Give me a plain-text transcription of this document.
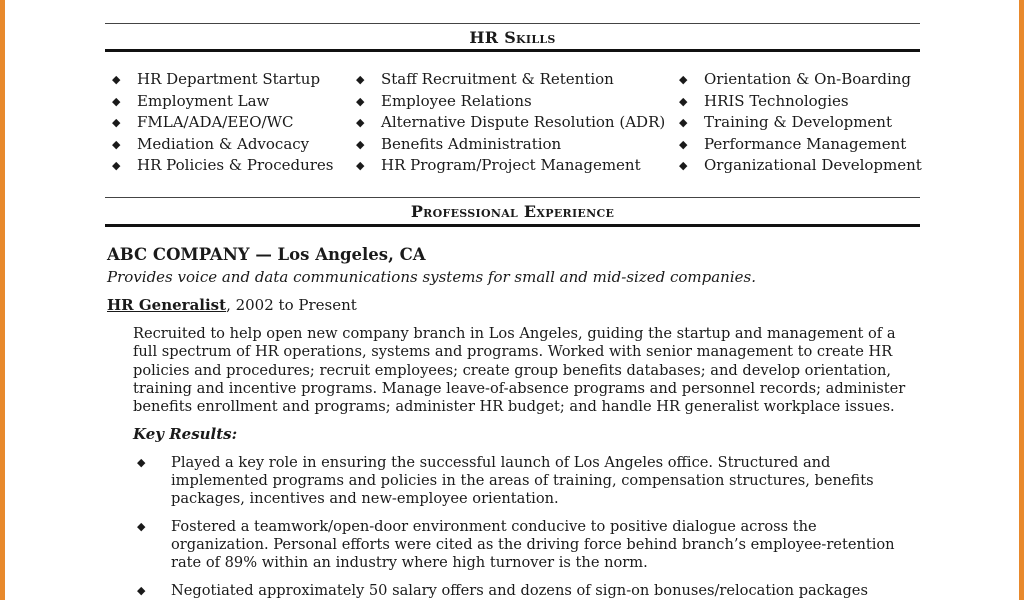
HR Skills
◆ HR Department Startup
◆ Employment Law
◆ FMLA/ADA/EEO/WC
◆ Mediation & Advocacy
◆ HR Policies & Procedures
◆ Staff Recruitment & Retention
◆ Employee Relations
◆ Alternative Dispute Resolution (ADR)
◆ Benefits Administration
◆ HR Program/Project Management
◆ Orientation & On-Boarding
◆ HRIS Technologies
◆ Training & Development
◆ Performance Management
◆ Organizational Development
Professional Experience
ABC COMPANY — Los Angeles, CA
Provides voice and data communications systems for small and mid-sized companies.
HR Generalist, 2002 to Present
Recruited to help open new company branch in Los Angeles, guiding the startup and management of a
full spectrum of HR operations, systems and programs. Worked with senior management to create HR
policies and procedures; recruit employees; create group benefits databases; and develop orientation,
training and incentive programs. Manage leave-of-absence programs and personnel records; administer
benefits enrollment and programs; administer HR budget; and handle HR generalist workplace issues.
Key Results:
◆ Played a key role in ensuring the successful launch of Los Angeles office. Structured and
implemented programs and policies in the areas of training, compensation structures, benefits
packages, incentives and new-employee orientation.
◆ Fostered a teamwork/open-door environment conducive to positive dialogue across the
organization. Personal efforts were cited as the driving force behind branch’s employee-retention
rate of 89% within an industry where high turnover is the norm.
◆ Negotiated approximately 50 salary offers and dozens of sign-on bonuses/relocation packages
